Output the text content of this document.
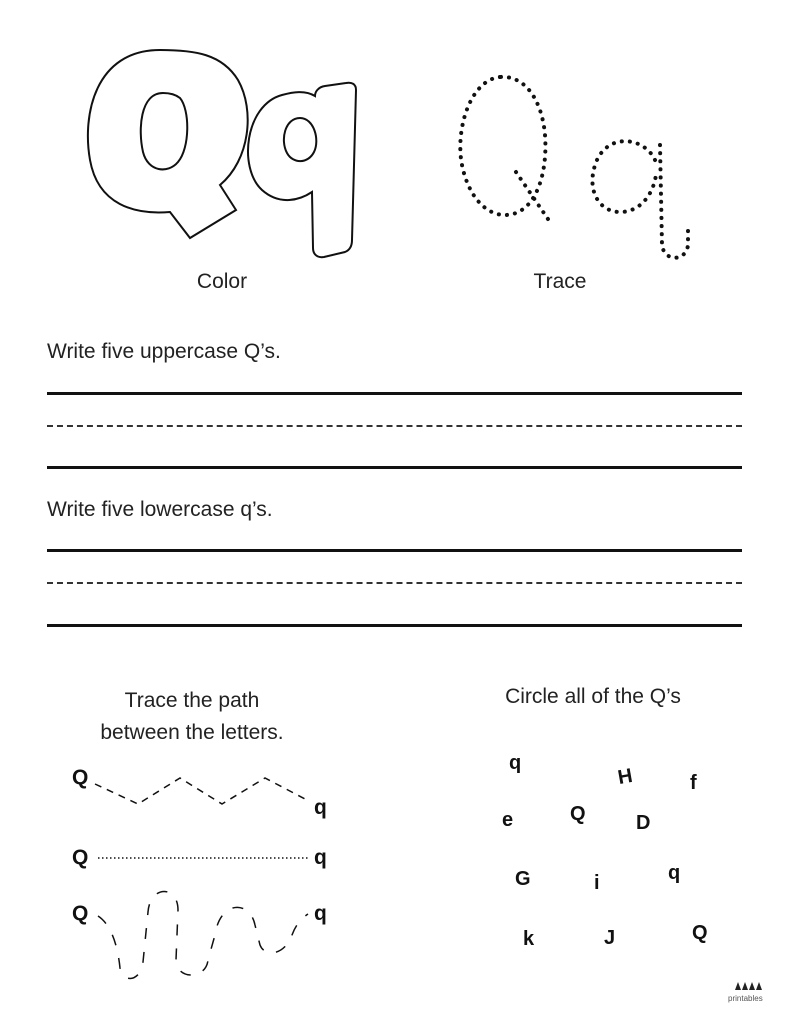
Color	Trace
Write five uppercase Q’s.
Write five lowercase q’s.
Trace the path
between the letters.
Q
q
Q	q
Q	q
Circle all of the Q’s
q
H	f
e	Q	D
G	i	q
k	J	Q
printables
